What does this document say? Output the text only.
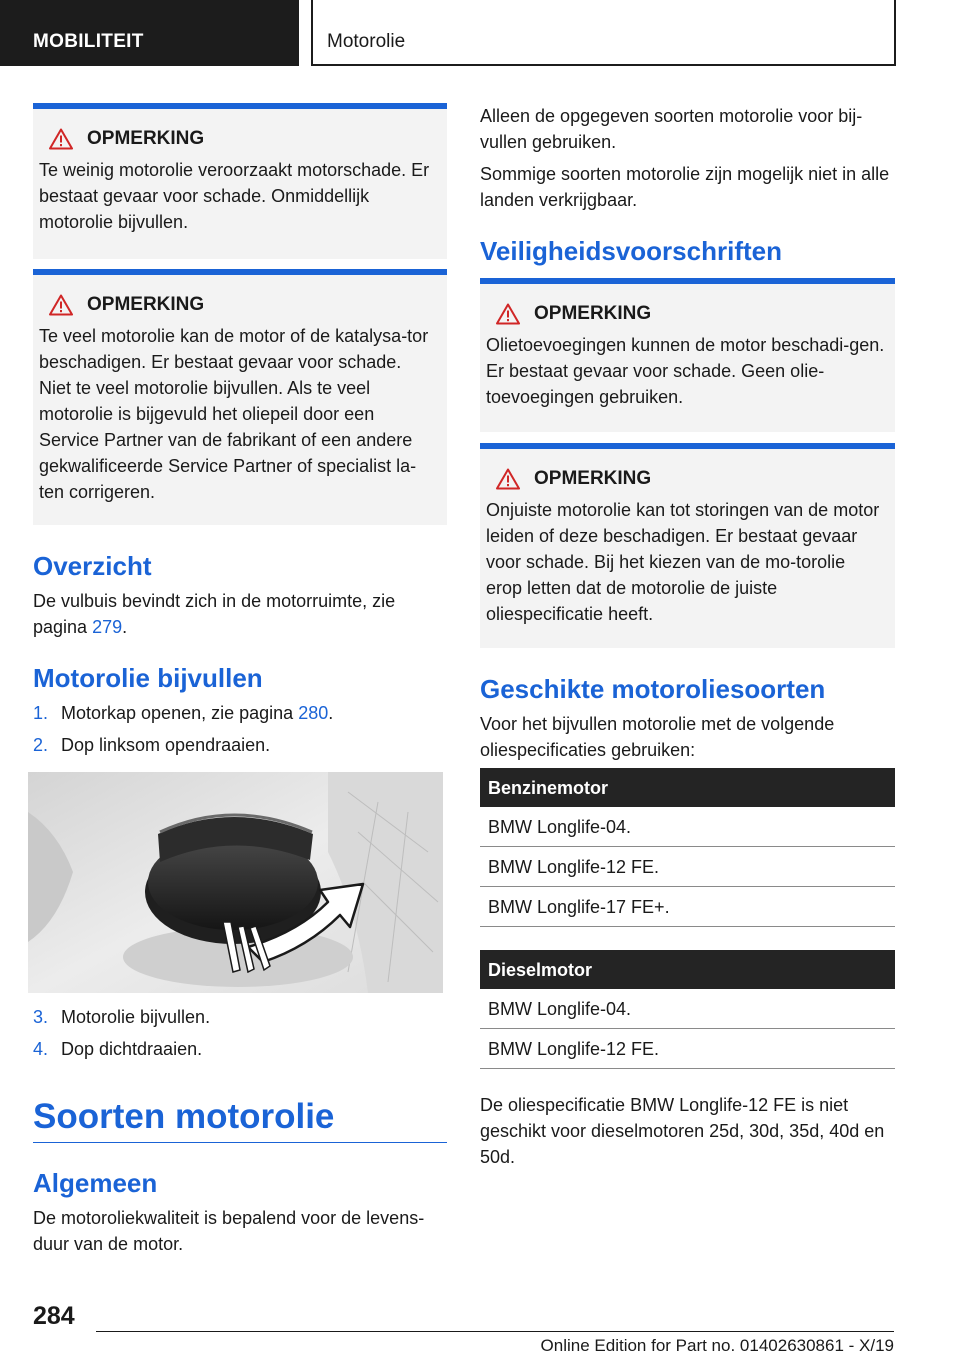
MOBILITEIT	Motorolie
OPMERKING

Te weinig motorolie veroorzaakt motorschade. Er bestaat gevaar voor schade. Onmiddellijk motorolie bijvullen.

OPMERKING

Te veel motorolie kan de motor of de katalysa-tor beschadigen. Er bestaat gevaar voor schade. Niet te veel motorolie bijvullen. Als te veel motorolie is bijgevuld het oliepeil door een Service Partner van de fabrikant of een andere gekwalificeerde Service Partner of specialist la-ten corrigeren.

Overzicht
De vulbuis bevindt zich in de motorruimte, zie pagina 279.
Motorolie bijvullen
1. Motorkap openen, zie pagina 280.
2. Dop linksom opendraaien.
3. Motorolie bijvullen.
4. Dop dichtdraaien.
Soorten motorolie
Algemeen
De motoroliekwaliteit is bepalend voor de levens-duur van de motor.
Alleen de opgegeven soorten motorolie voor bij-vullen gebruiken.
Sommige soorten motorolie zijn mogelijk niet in alle landen verkrijgbaar.
Veiligheidsvoorschriften
OPMERKING

Olietoevoegingen kunnen de motor beschadi-gen. Er bestaat gevaar voor schade. Geen olie-toevoegingen gebruiken.

OPMERKING

Onjuiste motorolie kan tot storingen van de motor leiden of deze beschadigen. Er bestaat gevaar voor schade. Bij het kiezen van de mo-torolie erop letten dat de motorolie de juiste oliespecificatie heeft.

Geschikte motoroliesoorten
Voor het bijvullen motorolie met de volgende oliespecificaties gebruiken:
Benzinemotor
BMW Longlife-04.
BMW Longlife-12 FE.
BMW Longlife-17 FE+.
Dieselmotor
BMW Longlife-04.
BMW Longlife-12 FE.
De oliespecificatie BMW Longlife-12 FE is niet geschikt voor dieselmotoren 25d, 30d, 35d, 40d en 50d.
284
Online Edition for Part no. 01402630861 - X/19
